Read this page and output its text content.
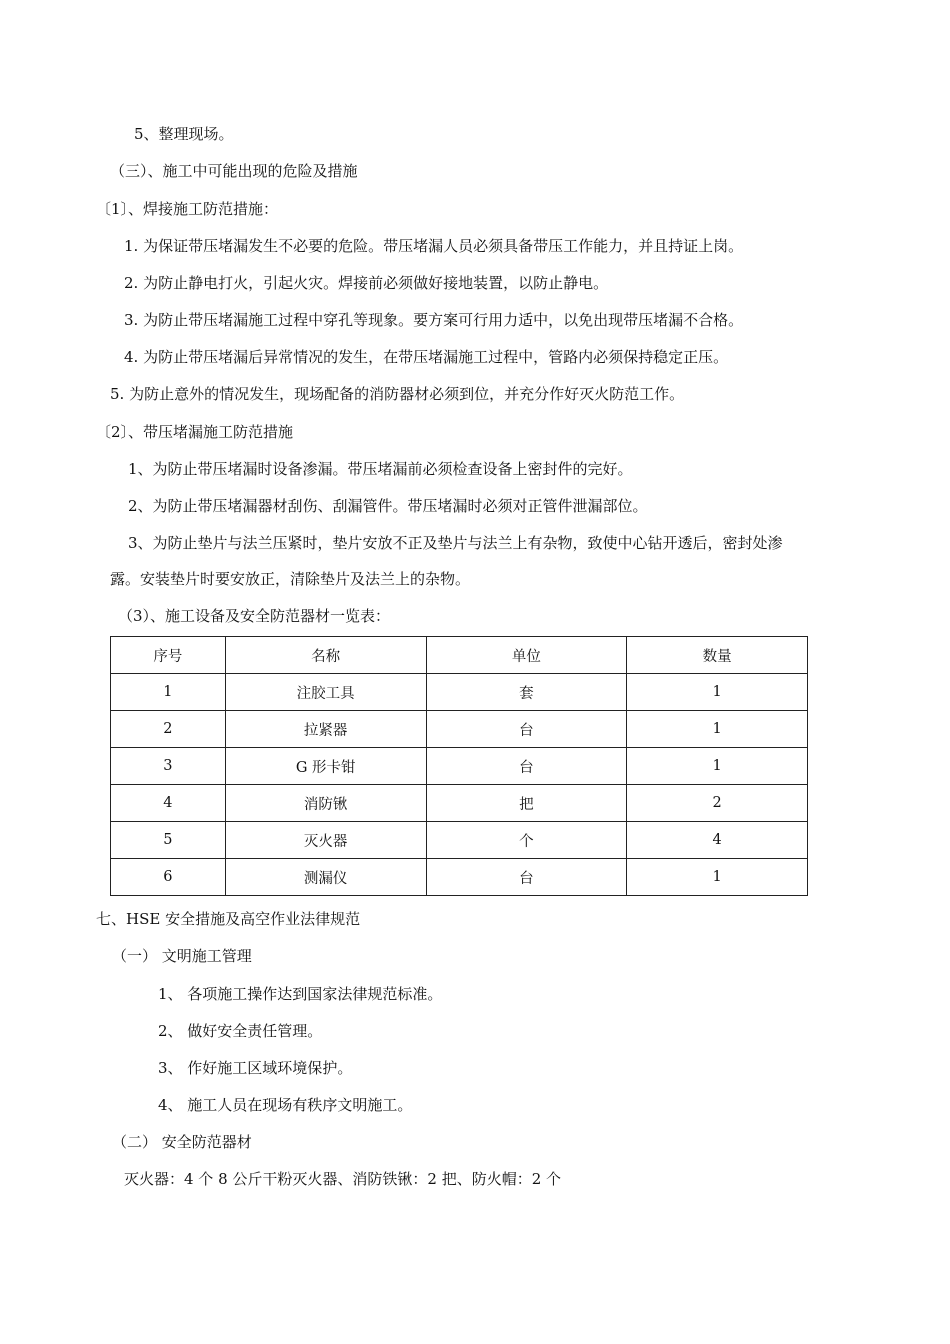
5、整理现场。
（三）、施工中可能出现的危险及措施
〔1〕、焊接施工防范措施：
1. 为保证带压堵漏发生不必要的危险。带压堵漏人员必须具备带压工作能力，并且持证上岗。
2. 为防止静电打火，引起火灾。焊接前必须做好接地装置，以防止静电。
3. 为防止带压堵漏施工过程中穿孔等现象。要方案可行用力适中，以免出现带压堵漏不合格。
4. 为防止带压堵漏后异常情况的发生，在带压堵漏施工过程中，管路内必须保持稳定正压。
5. 为防止意外的情况发生，现场配备的消防器材必须到位，并充分作好灭火防范工作。
〔2〕、带压堵漏施工防范措施
1、为防止带压堵漏时设备渗漏。带压堵漏前必须检查设备上密封件的完好。
2、为防止带压堵漏器材刮伤、刮漏管件。带压堵漏时必须对正管件泄漏部位。
3、为防止垫片与法兰压紧时，垫片安放不正及垫片与法兰上有杂物，致使中心钻开透后，密封处渗
露。安装垫片时要安放正，清除垫片及法兰上的杂物。
（3）、施工设备及安全防范器材一览表：
序号	名称	单位	数量
1	注胶工具	套	1
2	拉紧器	台	1
3	G 形卡钳	台	1
4	消防锹	把	2
5	灭火器	个	4
6	测漏仪	台	1
七、HSE 安全措施及高空作业法律规范
（一） 文明施工管理
1、 各项施工操作达到国家法律规范标准。
2、 做好安全责任管理。
3、 作好施工区域环境保护。
4、 施工人员在现场有秩序文明施工。
（二） 安全防范器材
灭火器：4 个 8 公斤干粉灭火器、消防铁锹：2 把、防火帽：2 个
